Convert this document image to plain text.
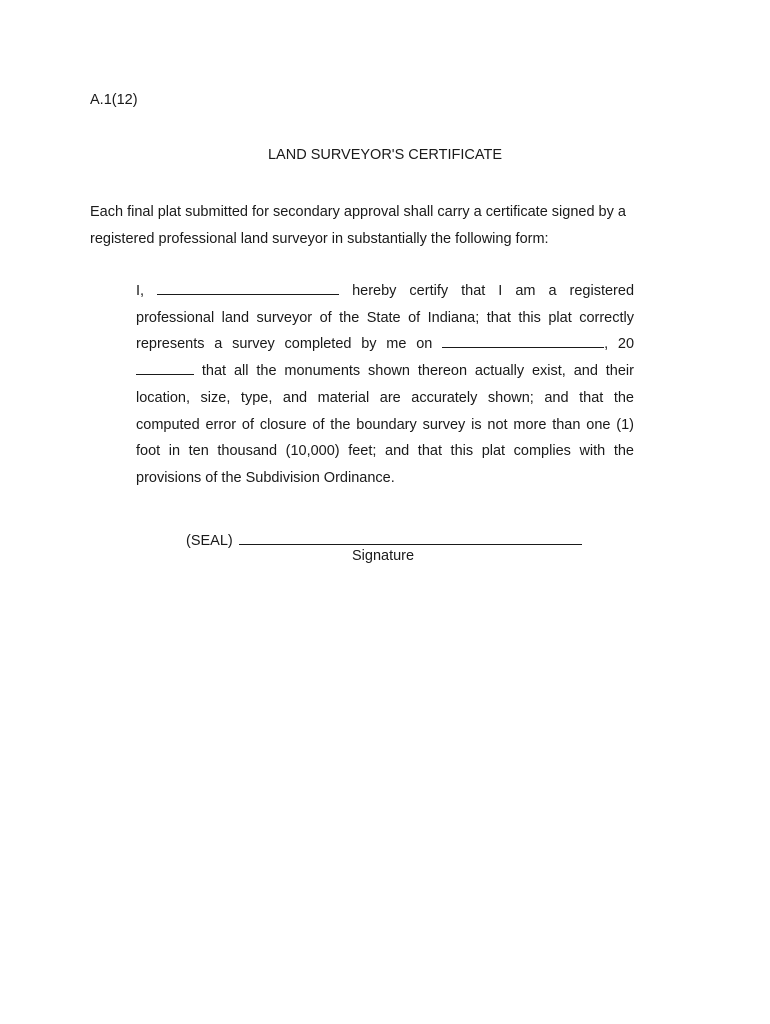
A.1(12)
LAND SURVEYOR'S CERTIFICATE
Each final plat submitted for secondary approval shall carry a certificate signed by a
registered professional land surveyor in substantially the following form:
I,	hereby certify that I am a registered
professional land surveyor of the State of Indiana; that this plat correctly
represents a survey completed by me on	, 20
that all the monuments shown thereon actually exist, and their
location, size, type, and material are accurately shown; and that the
computed error of closure of the boundary survey is not more than one (1)
foot in ten thousand (10,000) feet; and that this plat complies with the
provisions of the Subdivision Ordinance.
(SEAL)
Signature
